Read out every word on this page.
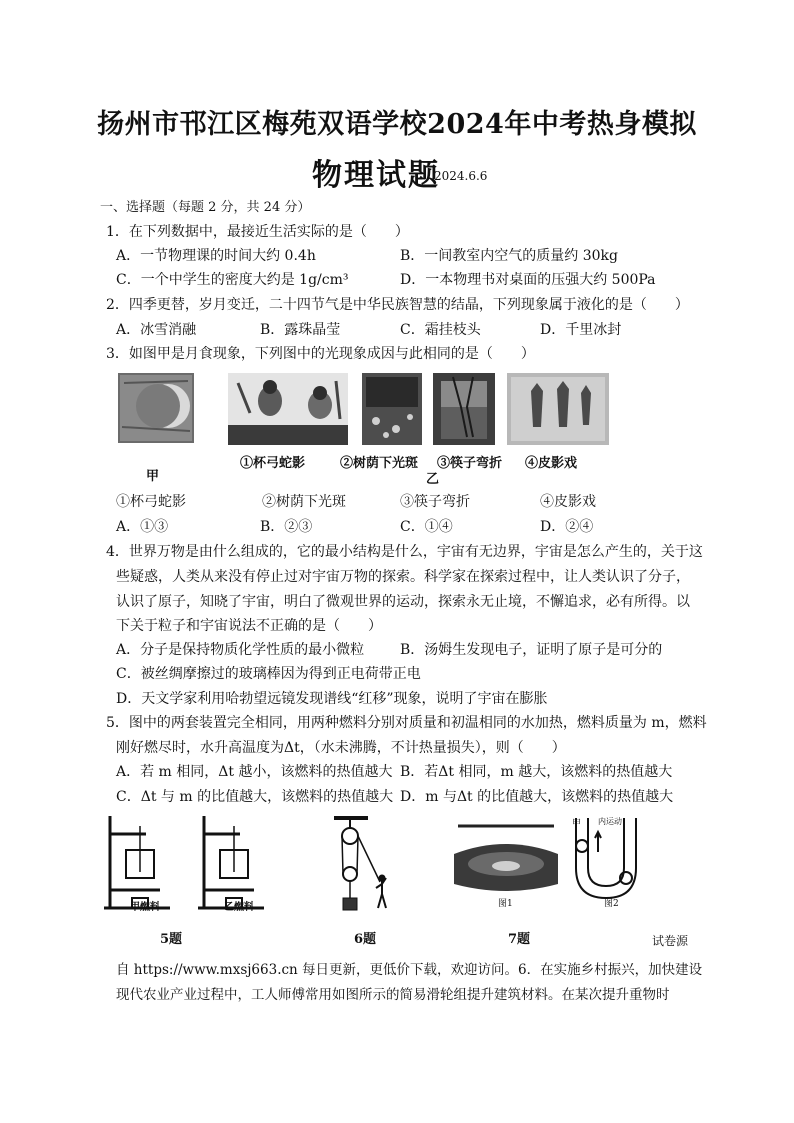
扬州市邗江区梅苑双语学校2024年中考热身模拟
物理试题
2024.6.6
一、选择题（每题 2 分，共 24 分）
1．在下列数据中，最接近生活实际的是（　　）
A．一节物理课的时间大约 0.4h	B．一间教室内空气的质量约 30kg
C．一个中学生的密度大约是 1g/cm³	D．一本物理书对桌面的压强大约 500Pa
2．四季更替，岁月变迁，二十四节气是中华民族智慧的结晶，下列现象属于液化的是（　　）
A．冰雪消融	B．露珠晶莹	C．霜挂枝头	D．千里冰封
3．如图甲是月食现象，下列图中的光现象成因与此相同的是（　　）
甲
①杯弓蛇影	②树荫下光斑 ③筷子弯折 ④皮影戏
乙
①杯弓蛇影	②树荫下光斑	③筷子弯折	④皮影戏
A．①③	B．②③	C．①④	D．②④
4．世界万物是由什么组成的，它的最小结构是什么，宇宙有无边界，宇宙是怎么产生的，关于这
些疑惑，人类从来没有停止过对宇宙万物的探索。科学家在探索过程中，让人类认识了分子，
认识了原子，知晓了宇宙，明白了微观世界的运动，探索永无止境，不懈追求，必有所得。以
下关于粒子和宇宙说法不正确的是（　　）
A．分子是保持物质化学性质的最小微粒	B．汤姆生发现电子，证明了原子是可分的
C．被丝绸摩擦过的玻璃棒因为得到正电荷带正电
D．天文学家利用哈勃望远镜发现谱线“红移”现象，说明了宇宙在膨胀
5．图中的两套装置完全相同，用两种燃料分别对质量和初温相同的水加热，燃料质量为 m，燃料
刚好燃尽时，水升高温度为Δt，（水未沸腾，不计热量损失），则（　　）
A．若 m 相同，Δt 越小，该燃料的热值越大 B．若Δt 相同，m 越大，该燃料的热值越大
C．Δt 与 m 的比值越大，该燃料的热值越大 D．m 与Δt 的比值越大，该燃料的热值越大
甲燃料	乙燃料
5题	6题
图1
甲 内运动
图2
7题	试卷源
自 https://www.mxsj663.cn 每日更新，更低价下载，欢迎访问。6．在实施乡村振兴，加快建设
现代农业产业过程中，工人师傅常用如图所示的简易滑轮组提升建筑材料。在某次提升重物时
